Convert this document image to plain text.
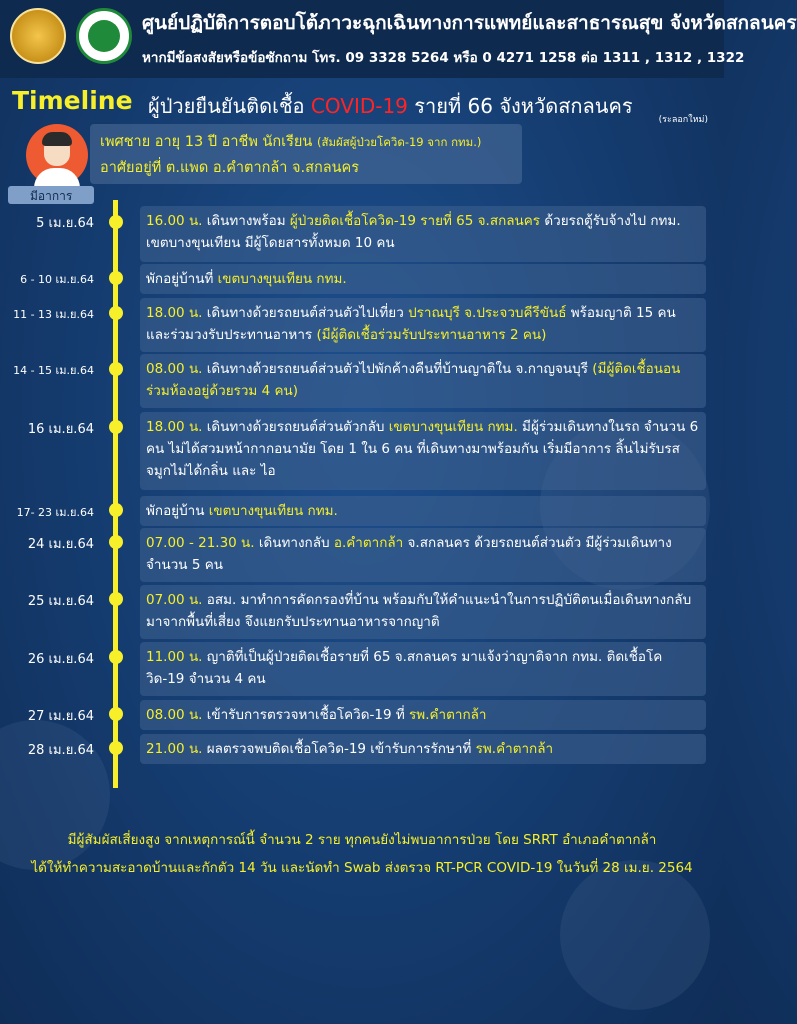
ศูนย์ปฏิบัติการตอบโต้ภาวะฉุกเฉินทางการแพทย์และสาธารณสุข จังหวัดสกลนคร
หากมีข้อสงสัยหรือข้อซักถาม โทร. 09 3328 5264 หรือ 0 4271 1258 ต่อ 1311 , 1312 , 1322
Timeline ผู้ป่วยยืนยันติดเชื้อ COVID-19 รายที่ 66 จังหวัดสกลนคร
(ระลอกใหม่)
เพศชาย อายุ 13 ปี อาชีพ นักเรียน (สัมผัสผู้ป่วยโควิด-19 จาก กทม.)
อาศัยอยู่ที่ ต.แพด อ.คำตากล้า จ.สกลนคร
มีอาการ
5 เม.ย.64	16.00 น. เดินทางพร้อม ผู้ป่วยติดเชื้อโควิด-19 รายที่ 65 จ.สกลนคร ด้วยรถตู้รับจ้างไป กทม. เขตบางขุนเทียน มีผู้โดยสารทั้งหมด 10 คน
6 - 10 เม.ย.64	พักอยู่บ้านที่ เขตบางขุนเทียน กทม.
11 - 13 เม.ย.64	18.00 น. เดินทางด้วยรถยนต์ส่วนตัวไปเที่ยว ปราณบุรี จ.ประจวบคีรีขันธ์ พร้อมญาติ 15 คน และร่วมวงรับประทานอาหาร (มีผู้ติดเชื้อร่วมรับประทานอาหาร 2 คน)
14 - 15 เม.ย.64	08.00 น. เดินทางด้วยรถยนต์ส่วนตัวไปพักค้างคืนที่บ้านญาติใน จ.กาญจนบุรี (มีผู้ติดเชื้อนอนร่วมห้องอยู่ด้วยรวม 4 คน)
16 เม.ย.64	18.00 น. เดินทางด้วยรถยนต์ส่วนตัวกลับ เขตบางขุนเทียน กทม. มีผู้ร่วมเดินทางในรถ จำนวน 6 คน ไม่ได้สวมหน้ากากอนามัย โดย 1 ใน 6 คน ที่เดินทางมาพร้อมกัน เริ่มมีอาการ ลิ้นไม่รับรส จมูกไม่ได้กลิ่น และ ไอ
17- 23 เม.ย.64	พักอยู่บ้าน เขตบางขุนเทียน กทม.
24 เม.ย.64	07.00 - 21.30 น. เดินทางกลับ อ.คำตากล้า จ.สกลนคร ด้วยรถยนต์ส่วนตัว มีผู้ร่วมเดินทาง จำนวน 5 คน
25 เม.ย.64	07.00 น. อสม. มาทำการคัดกรองที่บ้าน พร้อมกับให้คำแนะนำในการปฏิบัติตนเมื่อเดินทางกลับมาจากพื้นที่เสี่ยง จึงแยกรับประทานอาหารจากญาติ
26 เม.ย.64	11.00 น. ญาติที่เป็นผู้ป่วยติดเชื้อรายที่ 65 จ.สกลนคร มาแจ้งว่าญาติจาก กทม. ติดเชื้อโควิด-19 จำนวน 4 คน
27 เม.ย.64	08.00 น. เข้ารับการตรวจหาเชื้อโควิด-19 ที่ รพ.คำตากล้า
28 เม.ย.64	21.00 น. ผลตรวจพบติดเชื้อโควิด-19 เข้ารับการรักษาที่ รพ.คำตากล้า
มีผู้สัมผัสเสี่ยงสูง จากเหตุการณ์นี้ จำนวน 2 ราย ทุกคนยังไม่พบอาการป่วย โดย SRRT อำเภอคำตากล้า
ได้ให้ทำความสะอาดบ้านและกักตัว 14 วัน และนัดทำ Swab ส่งตรวจ RT-PCR COVID-19 ในวันที่ 28 เม.ย. 2564
